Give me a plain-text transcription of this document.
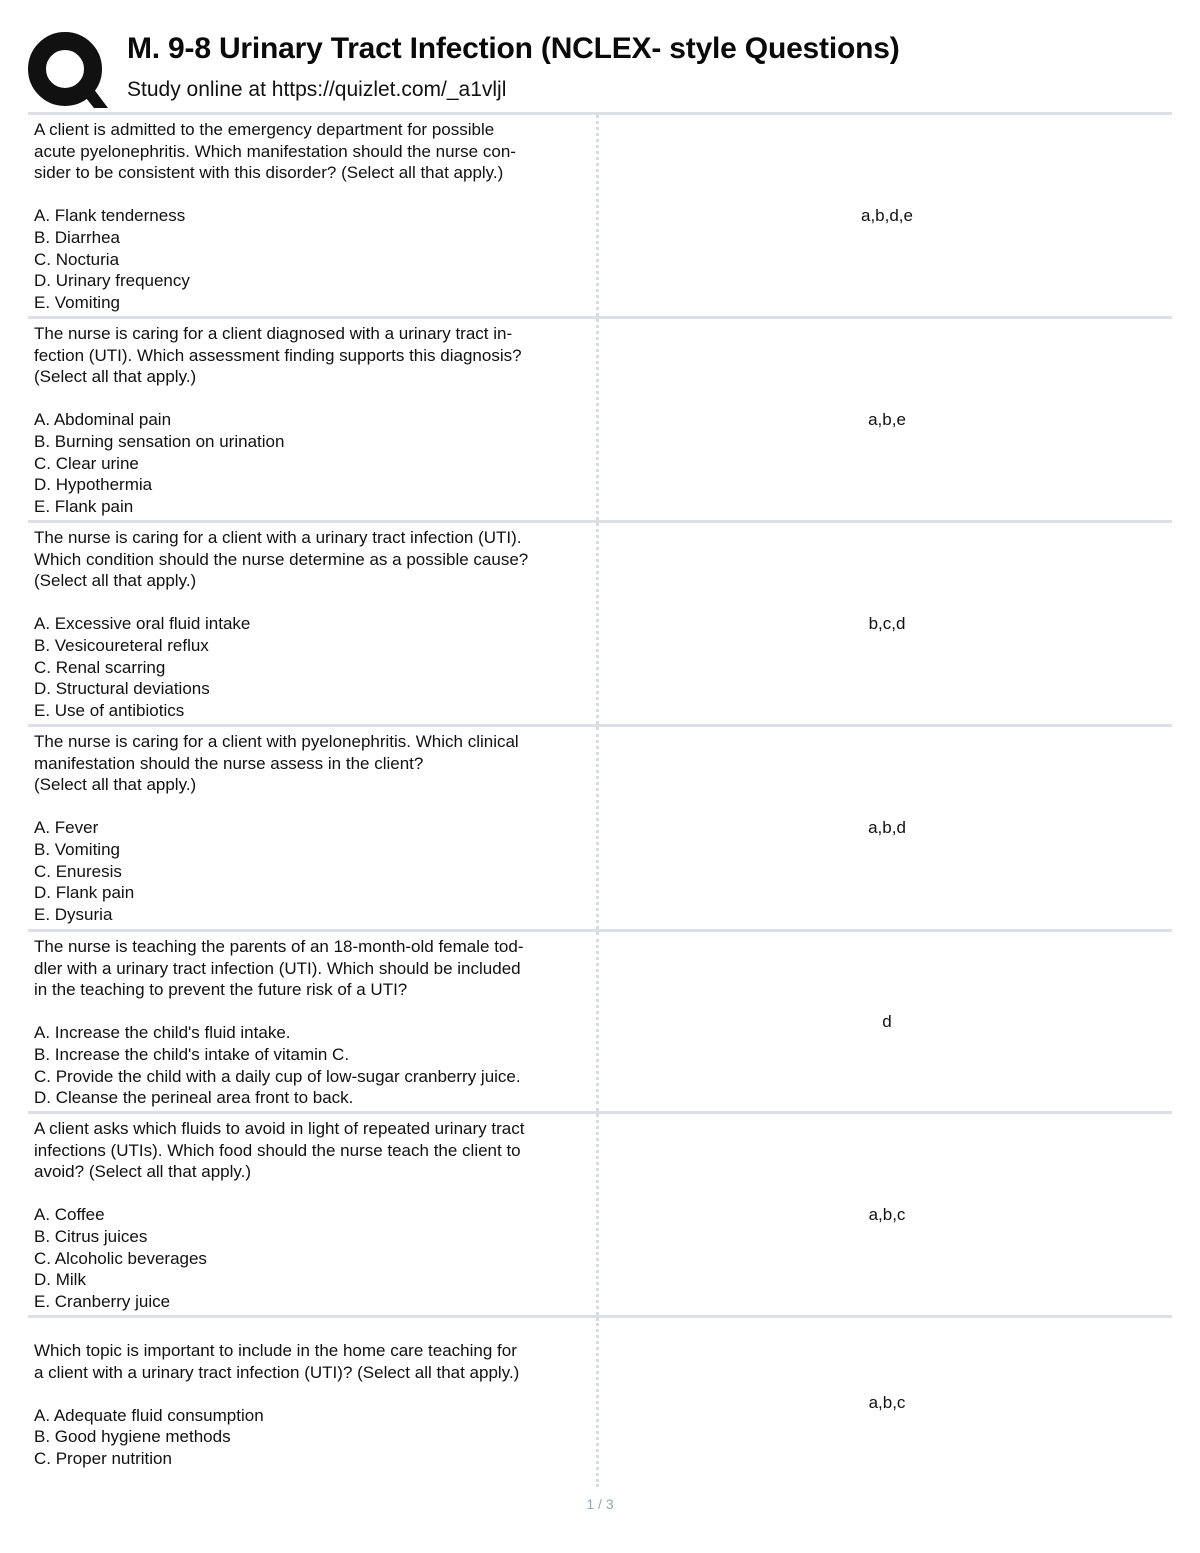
M. 9-8 Urinary Tract Infection (NCLEX- style Questions)
Study online at https://quizlet.com/_a1vljl
A client is admitted to the emergency department for possible
acute pyelonephritis. Which manifestation should the nurse con-
sider to be consistent with this disorder? (Select all that apply.)
A. Flank tenderness
B. Diarrhea
C. Nocturia
D. Urinary frequency
E. Vomiting
a,b,d,e
The nurse is caring for a client diagnosed with a urinary tract in-
fection (UTI). Which assessment finding supports this diagnosis?
(Select all that apply.)
A. Abdominal pain
B. Burning sensation on urination
C. Clear urine
D. Hypothermia
E. Flank pain
a,b,e
The nurse is caring for a client with a urinary tract infection (UTI).
Which condition should the nurse determine as a possible cause?
(Select all that apply.)
A. Excessive oral fluid intake
B. Vesicoureteral reflux
C. Renal scarring
D. Structural deviations
E. Use of antibiotics
b,c,d
The nurse is caring for a client with pyelonephritis. Which clinical
manifestation should the nurse assess in the client?
(Select all that apply.)
A. Fever
B. Vomiting
C. Enuresis
D. Flank pain
E. Dysuria
a,b,d
The nurse is teaching the parents of an 18-month-old female tod-
dler with a urinary tract infection (UTI). Which should be included
in the teaching to prevent the future risk of a UTI?
A. Increase the child's fluid intake.
B. Increase the child's intake of vitamin C.
C. Provide the child with a daily cup of low-sugar cranberry juice.
D. Cleanse the perineal area front to back.
d
A client asks which fluids to avoid in light of repeated urinary tract
infections (UTIs). Which food should the nurse teach the client to
avoid? (Select all that apply.)
A. Coffee
B. Citrus juices
C. Alcoholic beverages
D. Milk
E. Cranberry juice
a,b,c
Which topic is important to include in the home care teaching for
a client with a urinary tract infection (UTI)? (Select all that apply.)
A. Adequate fluid consumption
B. Good hygiene methods
C. Proper nutrition
a,b,c
1 / 3
